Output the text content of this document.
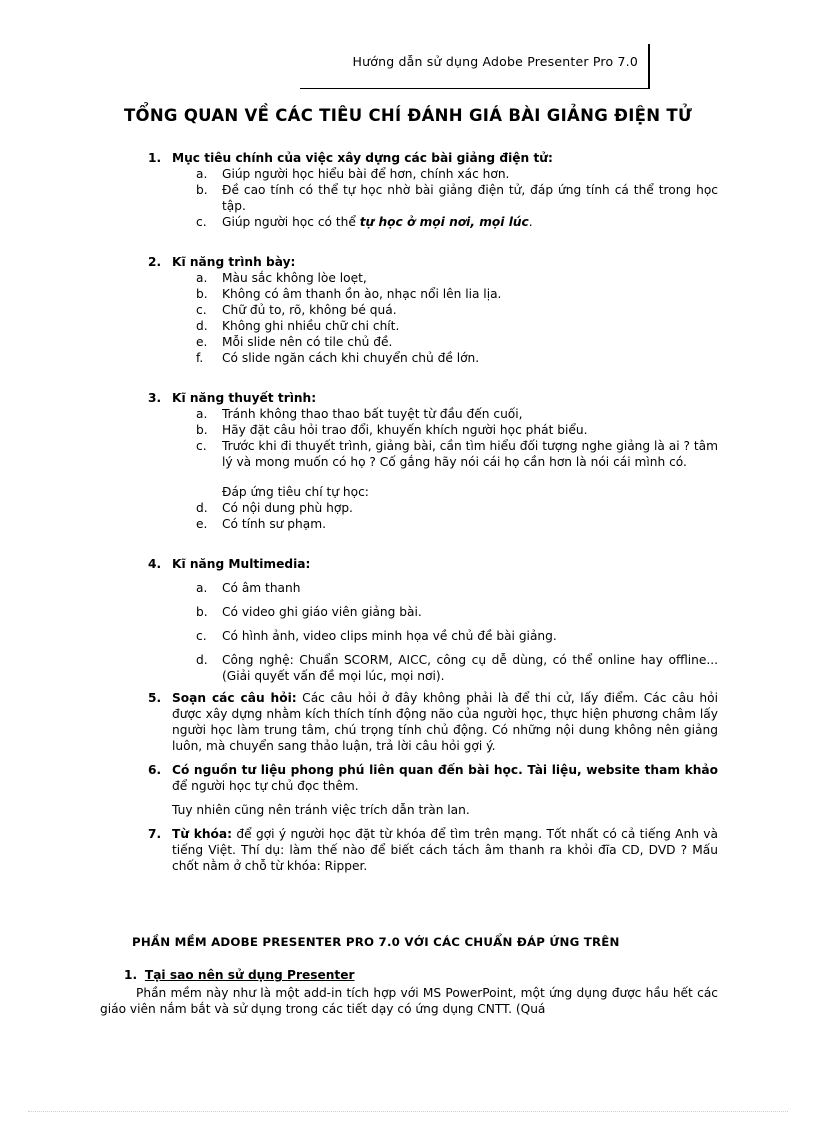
Hướng dẫn sử dụng Adobe Presenter Pro 7.0
TỔNG QUAN VỀ CÁC TIÊU CHÍ ĐÁNH GIÁ BÀI GIẢNG ĐIỆN TỬ
1. Mục tiêu chính của việc xây dựng các bài giảng điện tử:
a. Giúp người học hiểu bài để hơn, chính xác hơn.
b. Đề cao tính có thể tự học nhờ bài giảng điện tử, đáp ứng tính cá thể trong học tập.
c. Giúp người học có thể tự học ở mọi nơi, mọi lúc.
2. Kĩ năng trình bày:
a. Màu sắc không lòe loẹt,
b. Không có âm thanh ồn ào, nhạc nổi lên lia lịa.
c. Chữ đủ to, rõ, không bé quá.
d. Không ghi nhiều chữ chi chít.
e. Mỗi slide nên có tile chủ đề.
f. Có slide ngăn cách khi chuyển chủ đề lớn.
3. Kĩ năng thuyết trình:
a. Tránh không thao thao bất tuyệt từ đầu đến cuối,
b. Hãy đặt câu hỏi trao đổi, khuyến khích người học phát biểu.
c. Trước khi đi thuyết trình, giảng bài, cần tìm hiểu đối tượng nghe giảng là ai ? tâm lý và mong muốn có họ ? Cố gắng hãy nói cái họ cần hơn là nói cái mình có.
Đáp ứng tiêu chí tự học:
d. Có nội dung phù hợp.
e. Có tính sư phạm.
4. Kĩ năng Multimedia:
a. Có âm thanh
b. Có video ghi giáo viên giảng bài.
c. Có hình ảnh, video clips minh họa về chủ đề bài giảng.
d. Công nghệ: Chuẩn SCORM, AICC, công cụ dễ dùng, có thể online hay offline... (Giải quyết vấn đề mọi lúc, mọi nơi).
5. Soạn các câu hỏi: Các câu hỏi ở đây không phải là để thi cử, lấy điểm. Các câu hỏi được xây dựng nhằm kích thích tính động não của người học, thực hiện phương châm lấy người học làm trung tâm, chú trọng tính chủ động. Có những nội dung không nên giảng luôn, mà chuyển sang thảo luận, trả lời câu hỏi gợi ý.
6. Có nguồn tư liệu phong phú liên quan đến bài học. Tài liệu, website tham khảo để người học tự chủ đọc thêm.
Tuy nhiên cũng nên tránh việc trích dẫn tràn lan.
7. Từ khóa: để gợi ý người học đặt từ khóa để tìm trên mạng. Tốt nhất có cả tiếng Anh và tiếng Việt. Thí dụ: làm thế nào để biết cách tách âm thanh ra khỏi đĩa CD, DVD ? Mấu chốt nằm ở chỗ từ khóa: Ripper.
PHẦN MỀM ADOBE PRESENTER PRO 7.0 VỚI CÁC CHUẨN ĐÁP ỨNG TRÊN
1. Tại sao nên sử dụng Presenter
Phần mềm này như là một add-in tích hợp với MS PowerPoint, một ứng dụng được hầu hết các giáo viên nắm bắt và sử dụng trong các tiết dạy có ứng dụng CNTT. (Quá
